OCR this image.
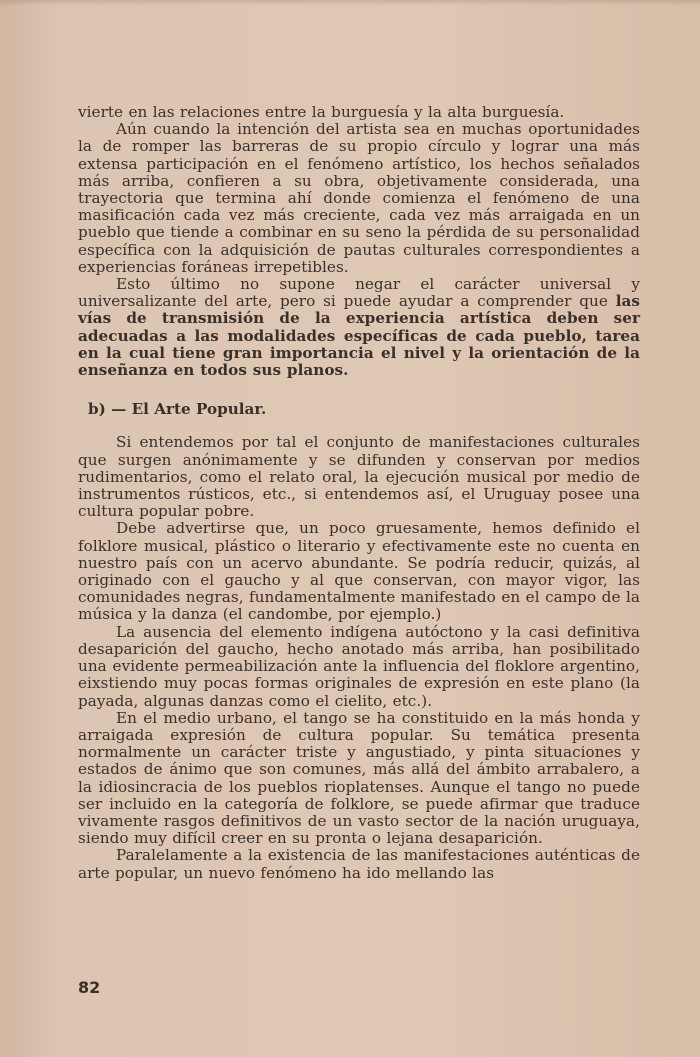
vierte en las relaciones entre la burguesía y la alta burguesía.

Aún cuando la intención del artista sea en muchas oportunidades la de romper las barreras de su propio círculo y lograr una más extensa participación en el fenómeno artístico, los hechos señalados más arriba, confieren a su obra, objetivamente considerada, una trayectoria que termina ahí donde comienza el fenómeno de una masificación cada vez más creciente, cada vez más arraigada en un pueblo que tiende a combinar en su seno la pérdida de su personalidad específica con la adquisición de pautas culturales correspondientes a experiencias foráneas irrepetibles.

Esto último no supone negar el carácter universal y universalizante del arte, pero si puede ayudar a comprender que las vías de transmisión de la experiencia artística deben ser adecuadas a las modalidades específicas de cada pueblo, tarea en la cual tiene gran importancia el nivel y la orientación de la enseñanza en todos sus planos.

b) — El Arte Popular.

Si entendemos por tal el conjunto de manifestaciones culturales que surgen anónimamente y se difunden y conservan por medios rudimentarios, como el relato oral, la ejecución musical por medio de instrumentos rústicos, etc., si entendemos así, el Uruguay posee una cultura popular pobre.

Debe advertirse que, un poco gruesamente, hemos definido el folklore musical, plástico o literario y efectivamente este no cuenta en nuestro país con un acervo abundante. Se podría reducir, quizás, al originado con el gaucho y al que conservan, con mayor vigor, las comunidades negras, fundamentalmente manifestado en el campo de la música y la danza (el candombe, por ejemplo.)

La ausencia del elemento indígena autóctono y la casi definitiva desaparición del gaucho, hecho anotado más arriba, han posibilitado una evidente permeabilización ante la influencia del floklore argentino, eixstiendo muy pocas formas originales de expresión en este plano (la payada, algunas danzas como el cielito, etc.).

En el medio urbano, el tango se ha constituido en la más honda y arraigada expresión de cultura popular. Su temática presenta normalmente un carácter triste y angustiado, y pinta situaciones y estados de ánimo que son comunes, más allá del ámbito arrabalero, a la idiosincracia de los pueblos rioplatenses. Aunque el tango no puede ser incluido en la categoría de folklore, se puede afirmar que traduce vivamente rasgos definitivos de un vasto sector de la nación uruguaya, siendo muy difícil creer en su pronta o lejana desaparición.

Paralelamente a la existencia de las manifestaciones auténticas de arte popular, un nuevo fenómeno ha ido mellando las

82
